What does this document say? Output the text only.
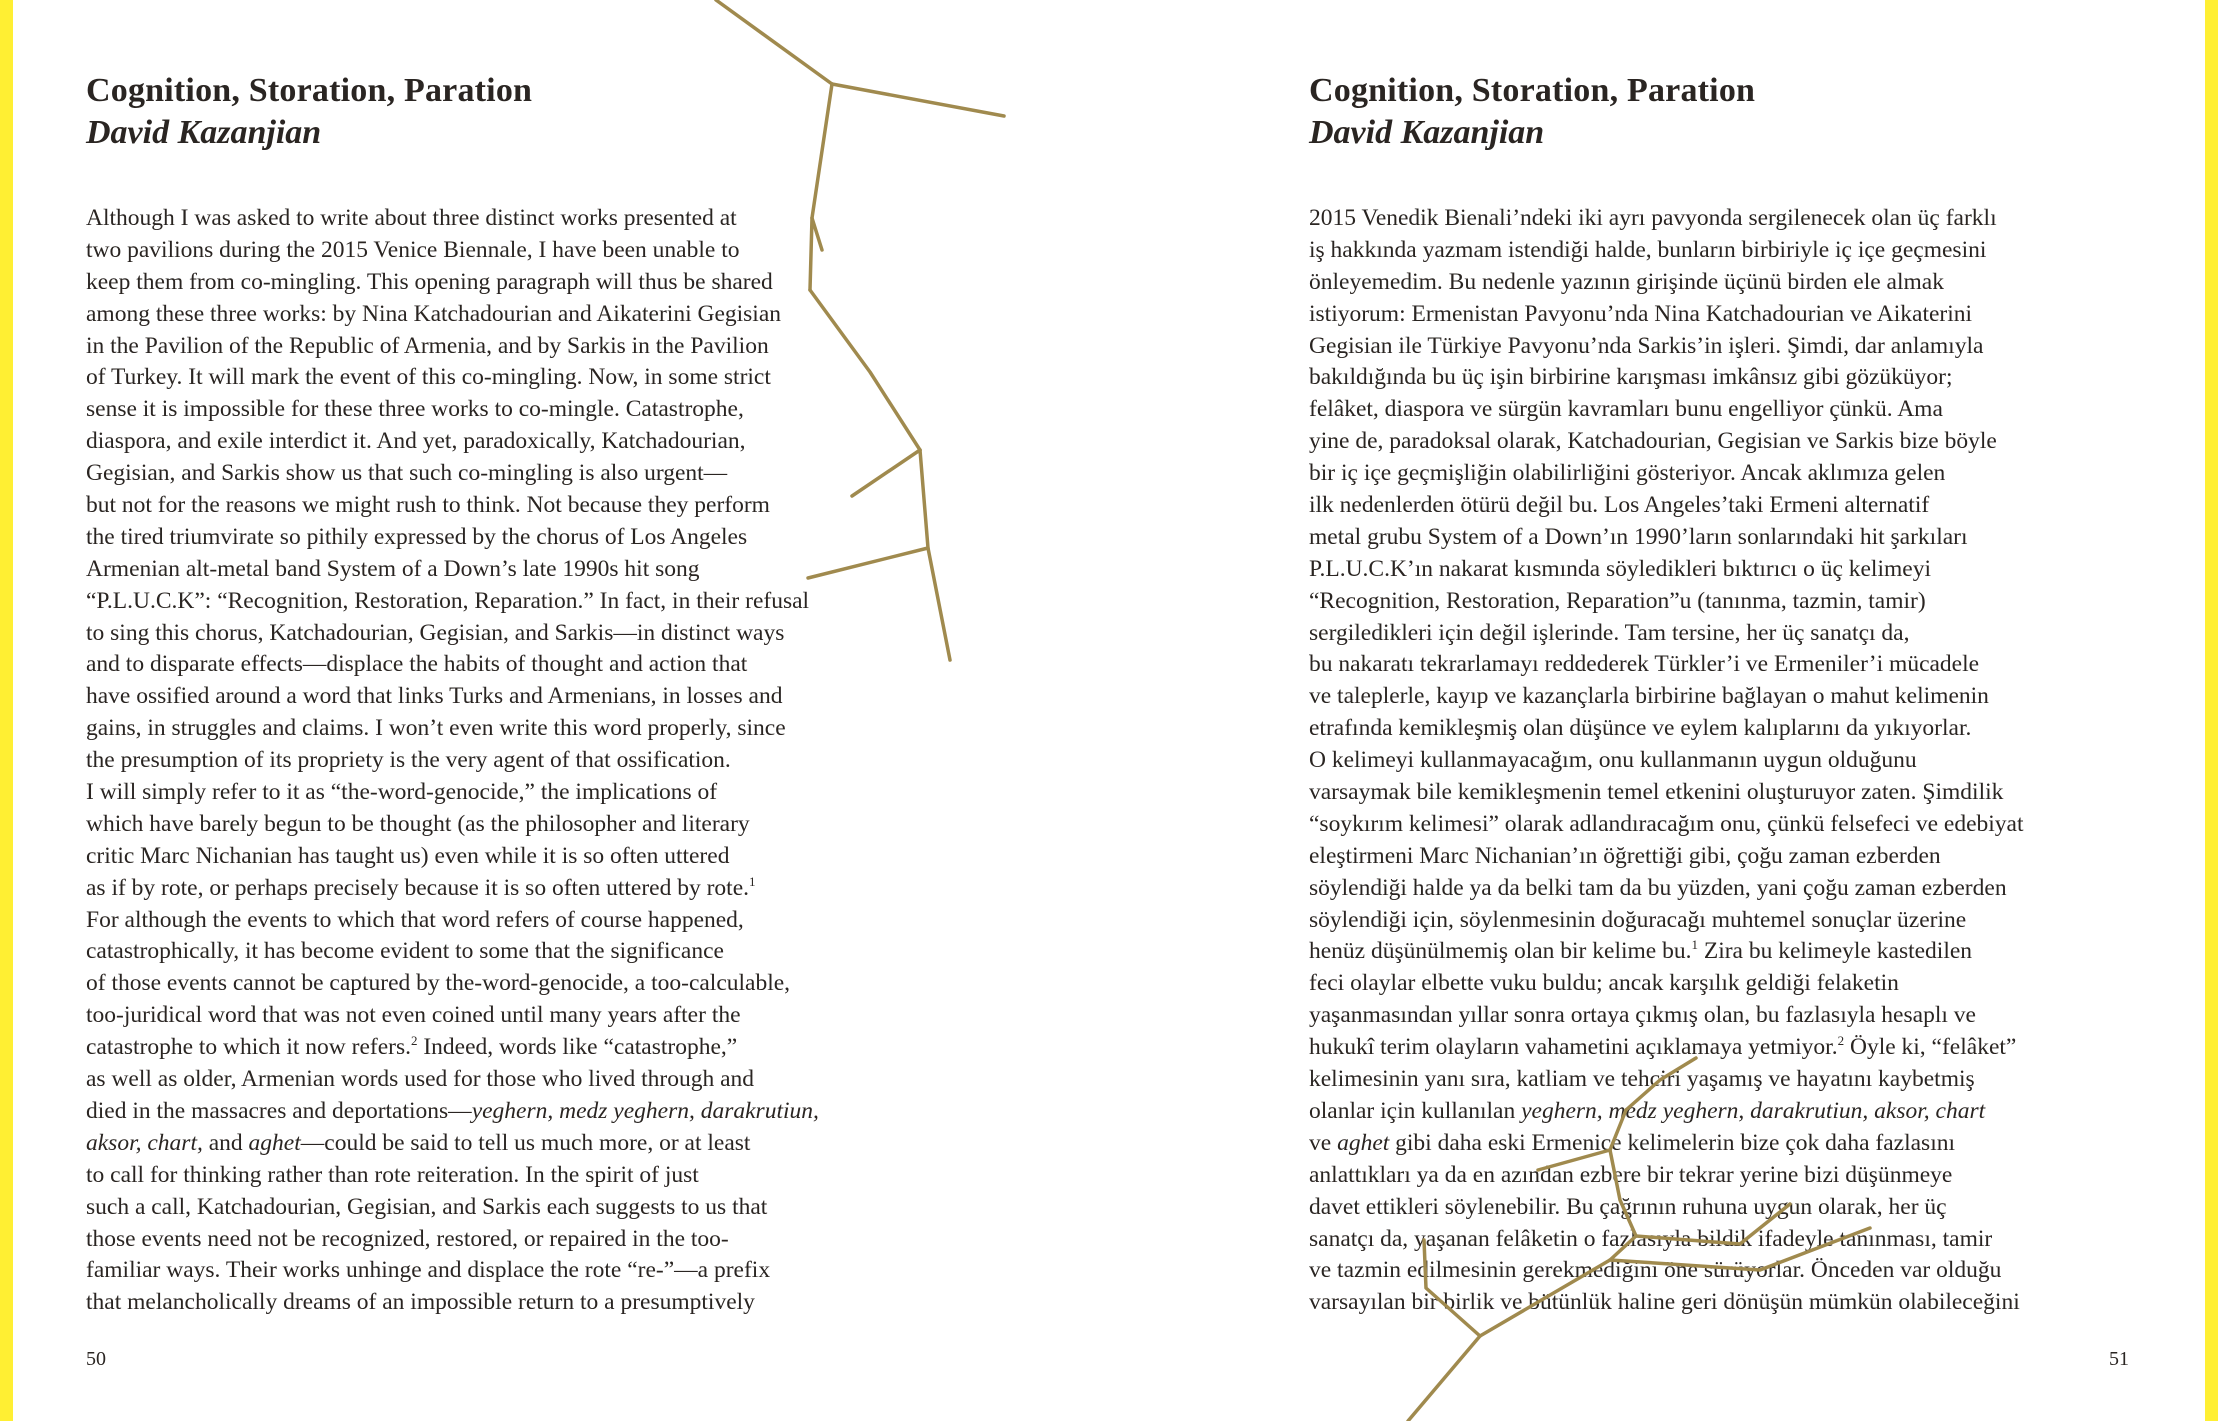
Cognition, Storation, Paration
David Kazanjian
Although I was asked to write about three distinct works presented at
two pavilions during the 2015 Venice Biennale, I have been unable to
keep them from co-mingling. This opening paragraph will thus be shared
among these three works: by Nina Katchadourian and Aikaterini Gegisian
in the Pavilion of the Republic of Armenia, and by Sarkis in the Pavilion
of Turkey. It will mark the event of this co-mingling. Now, in some strict
sense it is impossible for these three works to co-mingle. Catastrophe,
diaspora, and exile interdict it. And yet, paradoxically, Katchadourian,
Gegisian, and Sarkis show us that such co-mingling is also urgent—
but not for the reasons we might rush to think. Not because they perform
the tired triumvirate so pithily expressed by the chorus of Los Angeles
Armenian alt-metal band System of a Down’s late 1990s hit song
“P.L.U.C.K”: “Recognition, Restoration, Reparation.” In fact, in their refusal
to sing this chorus, Katchadourian, Gegisian, and Sarkis—in distinct ways
and to disparate effects—displace the habits of thought and action that
have ossified around a word that links Turks and Armenians, in losses and
gains, in struggles and claims. I won’t even write this word properly, since
the presumption of its propriety is the very agent of that ossification.
I will simply refer to it as “the-word-genocide,” the implications of
which have barely begun to be thought (as the philosopher and literary
critic Marc Nichanian has taught us) even while it is so often uttered
as if by rote, or perhaps precisely because it is so often uttered by rote.$^1$
For although the events to which that word refers of course happened,
catastrophically, it has become evident to some that the significance
of those events cannot be captured by the-word-genocide, a too-calculable,
too-juridical word that was not even coined until many years after the
catastrophe to which it now refers.$^2$ Indeed, words like “catastrophe,”
as well as older, Armenian words used for those who lived through and
died in the massacres and deportations—yeghern, medz yeghern, darakrutiun,
aksor, chart, and aghet—could be said to tell us much more, or at least
to call for thinking rather than rote reiteration. In the spirit of just
such a call, Katchadourian, Gegisian, and Sarkis each suggests to us that
those events need not be recognized, restored, or repaired in the too-
familiar ways. Their works unhinge and displace the rote “re-”—a prefix
that melancholically dreams of an impossible return to a presumptively
50
Cognition, Storation, Paration
David Kazanjian
2015 Venedik Bienali’ndeki iki ayrı pavyonda sergilenecek olan üç farklı
iş hakkında yazmam istendiği halde, bunların birbiriyle iç içe geçmesini
önleyemedim. Bu nedenle yazının girişinde üçünü birden ele almak
istiyorum: Ermenistan Pavyonu’nda Nina Katchadourian ve Aikaterini
Gegisian ile Türkiye Pavyonu’nda Sarkis’in işleri. Şimdi, dar anlamıyla
bakıldığında bu üç işin birbirine karışması imkânsız gibi gözüküyor;
felâket, diaspora ve sürgün kavramları bunu engelliyor çünkü. Ama
yine de, paradoksal olarak, Katchadourian, Gegisian ve Sarkis bize böyle
bir iç içe geçmişliğin olabilirliğini gösteriyor. Ancak aklımıza gelen
ilk nedenlerden ötürü değil bu. Los Angeles’taki Ermeni alternatif
metal grubu System of a Down’ın 1990’ların sonlarındaki hit şarkıları
P.L.U.C.K’ın nakarat kısmında söyledikleri bıktırıcı o üç kelimeyi
“Recognition, Restoration, Reparation”u (tanınma, tazmin, tamir)
sergiledikleri için değil işlerinde. Tam tersine, her üç sanatçı da,
bu nakaratı tekrarlamayı reddederek Türkler’i ve Ermeniler’i mücadele
ve taleplerle, kayıp ve kazançlarla birbirine bağlayan o mahut kelimenin
etrafında kemikleşmiş olan düşünce ve eylem kalıplarını da yıkıyorlar.
O kelimeyi kullanmayacağım, onu kullanmanın uygun olduğunu
varsaymak bile kemikleşmenin temel etkenini oluşturuyor zaten. Şimdilik
“soykırım kelimesi” olarak adlandıracağım onu, çünkü felsefeci ve edebiyat
eleştirmeni Marc Nichanian’ın öğrettiği gibi, çoğu zaman ezberden
söylendiği halde ya da belki tam da bu yüzden, yani çoğu zaman ezberden
söylendiği için, söylenmesinin doğuracağı muhtemel sonuçlar üzerine
henüz düşünülmemiş olan bir kelime bu.$^1$ Zira bu kelimeyle kastedilen
feci olaylar elbette vuku buldu; ancak karşılık geldiği felaketin
yaşanmasından yıllar sonra ortaya çıkmış olan, bu fazlasıyla hesaplı ve
hukukî terim olayların vahametini açıklamaya yetmiyor.$^2$ Öyle ki, “felâket”
kelimesinin yanı sıra, katliam ve tehciri yaşamış ve hayatını kaybetmiş
olanlar için kullanılan yeghern, medz yeghern, darakrutiun, aksor, chart
ve aghet gibi daha eski Ermenice kelimelerin bize çok daha fazlasını
anlattıkları ya da en azından ezbere bir tekrar yerine bizi düşünmeye
davet ettikleri söylenebilir. Bu çağrının ruhuna uygun olarak, her üç
sanatçı da, yaşanan felâketin o fazlasıyla bildik ifadeyle tanınması, tamir
ve tazmin edilmesinin gerekmediğini öne sürüyorlar. Önceden var olduğu
varsayılan bir birlik ve bütünlük haline geri dönüşün mümkün olabileceğini
51
